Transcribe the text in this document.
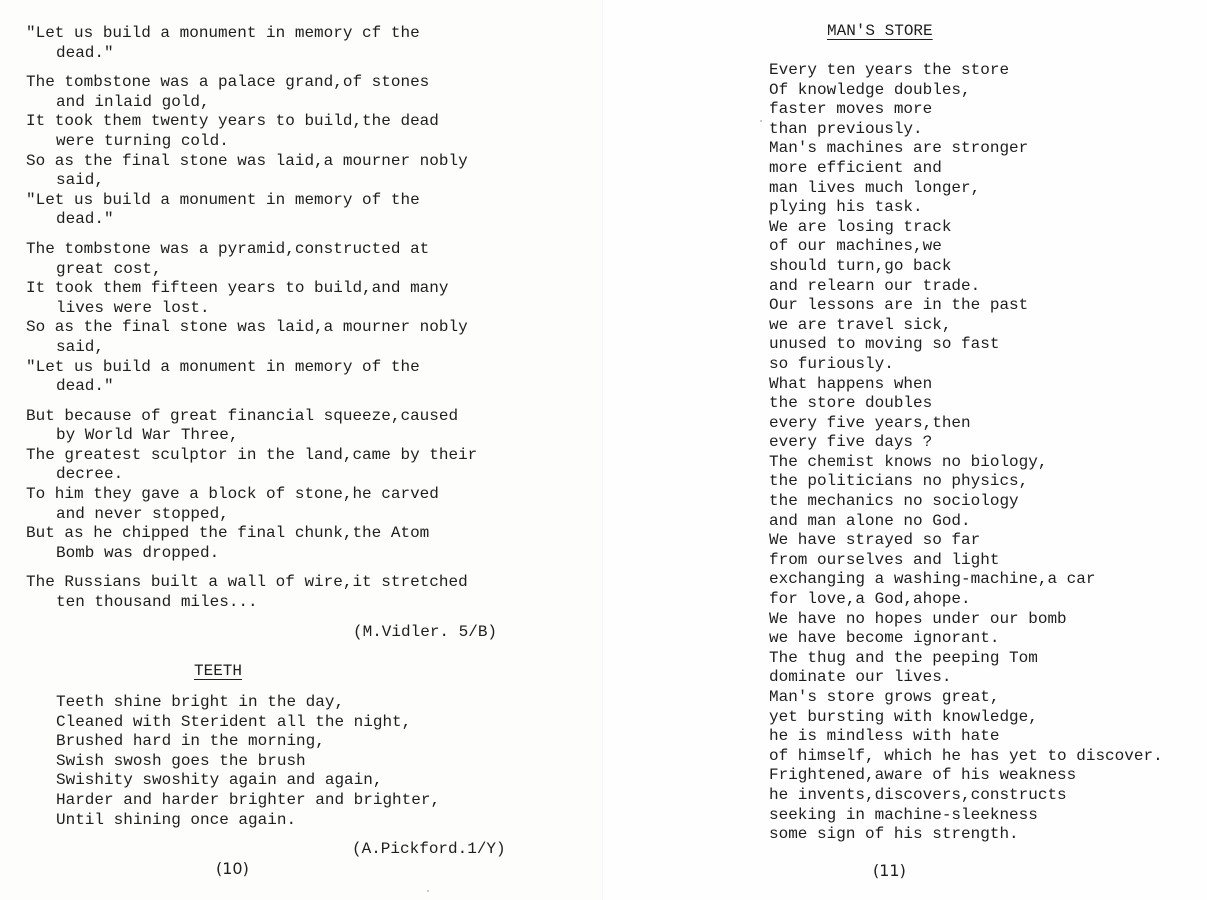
"Let us build a monument in memory cf the
dead."
The tombstone was a palace grand,of stones
and inlaid gold,
It took them twenty years to build,the dead
were turning cold.
So as the final stone was laid,a mourner nobly
said,
"Let us build a monument in memory of the
dead."
The tombstone was a pyramid,constructed at
great cost,
It took them fifteen years to build,and many
lives were lost.
So as the final stone was laid,a mourner nobly
said,
"Let us build a monument in memory of the
dead."
But because of great financial squeeze,caused
by World War Three,
The greatest sculptor in the land,came by their
decree.
To him they gave a block of stone,he carved
and never stopped,
But as he chipped the final chunk,the Atom
Bomb was dropped.
The Russians built a wall of wire,it stretched
ten thousand miles...
(M.Vidler. 5/B)
TEETH
Teeth shine bright in the day,
Cleaned with Sterident all the night,
Brushed hard in the morning,
Swish swosh goes the brush
Swishity swoshity again and again,
Harder and harder brighter and brighter,
Until shining once again.
(A.Pickford.1/Y)
(10)
MAN'S STORE
Every ten years the store
Of knowledge doubles,
faster moves more
than previously.
Man's machines are stronger
more efficient and
man lives much longer,
plying his task.
We are losing track
of our machines,we
should turn,go back
and relearn our trade.
Our lessons are in the past
we are travel sick,
unused to moving so fast
so furiously.
What happens when
the store doubles
every five years,then
every five days ?
The chemist knows no biology,
the politicians no physics,
the mechanics no sociology
and man alone no God.
We have strayed so far
from ourselves and light
exchanging a washing-machine,a car
for love,a God,ahope.
We have no hopes under our bomb
we have become ignorant.
The thug and the peeping Tom
dominate our lives.
Man's store grows great,
yet bursting with knowledge,
he is mindless with hate
of himself, which he has yet to discover.
Frightened,aware of his weakness
he invents,discovers,constructs
seeking in machine-sleekness
some sign of his strength.
(11)
